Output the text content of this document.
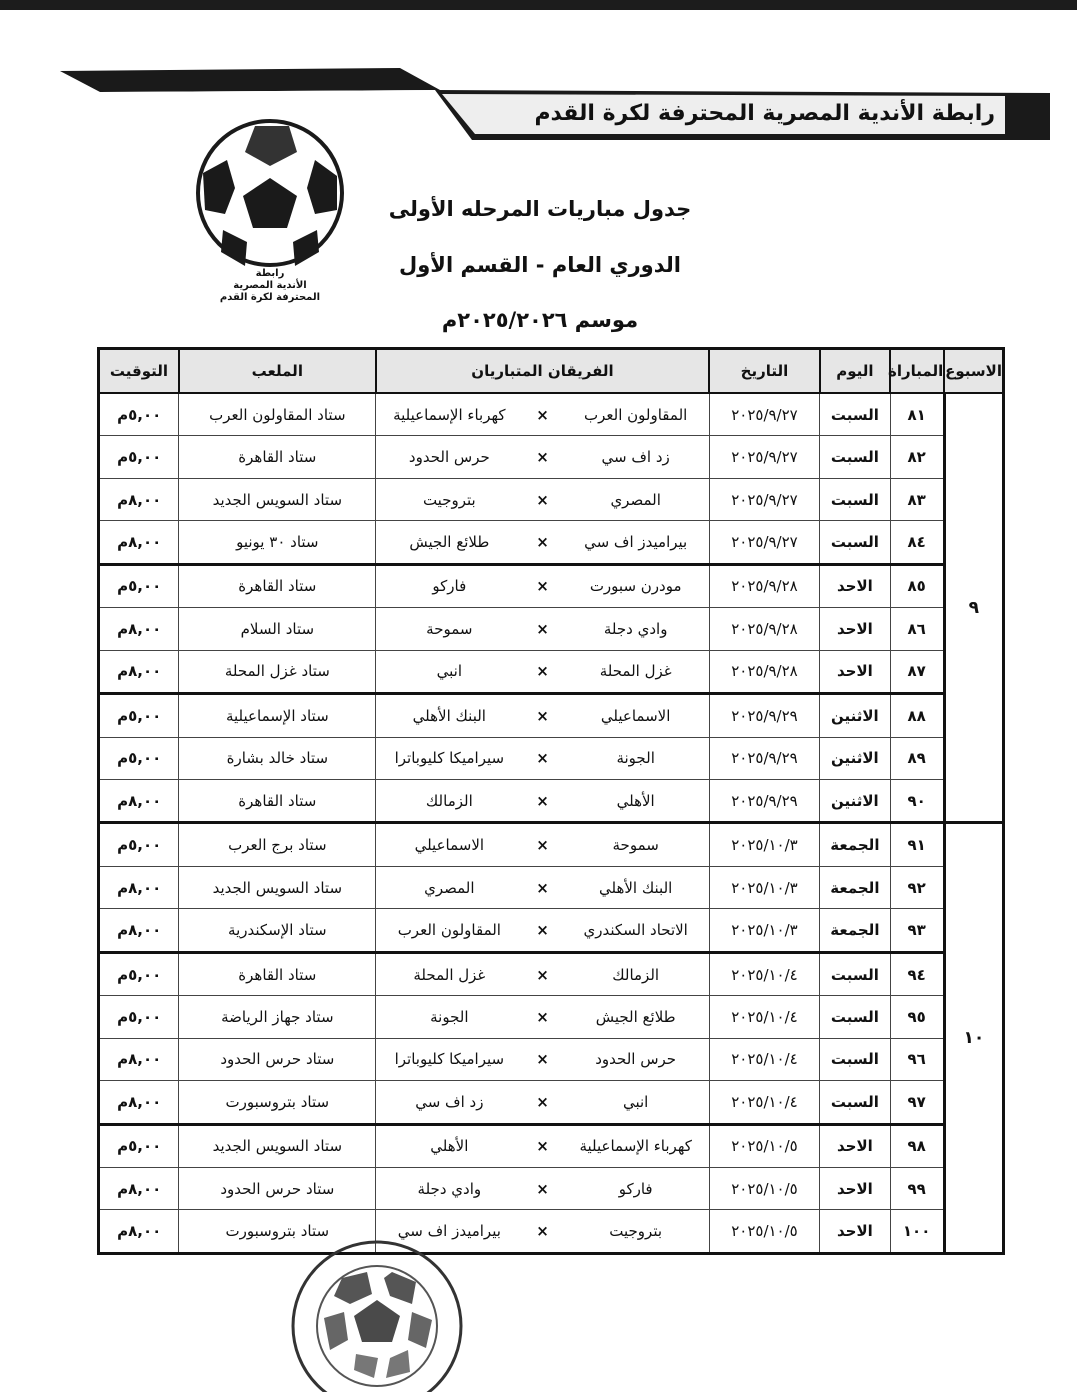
رابطة الأندية المصرية المحترفة لكرة القدم
رابطة
الأندية المصرية
المحترفة لكرة القدم
جدول مباريات المرحله الأولى
الدوري العام - القسم الأول
موسم ٢٠٢٥/٢٠٢٦م
الاسبوع	المباراة	اليوم	التاريخ	الفريقان المتباريان			الملعب	التوقيت
٩	٨١	السبت	٢٠٢٥/٩/٢٧	المقاولون العرب	×	كهرباء الإسماعيلية	ستاد المقاولون العرب	٥,٠٠م
	٨٢	السبت	٢٠٢٥/٩/٢٧	زد اف سي	×	حرس الحدود	ستاد القاهرة	٥,٠٠م
	٨٣	السبت	٢٠٢٥/٩/٢٧	المصري	×	بتروجيت	ستاد السويس الجديد	٨,٠٠م
	٨٤	السبت	٢٠٢٥/٩/٢٧	بيراميدز اف سي	×	طلائع الجيش	ستاد ٣٠ يونيو	٨,٠٠م
	٨٥	الاحد	٢٠٢٥/٩/٢٨	مودرن سبورت	×	فاركو	ستاد القاهرة	٥,٠٠م
	٨٦	الاحد	٢٠٢٥/٩/٢٨	وادي دجلة	×	سموحة	ستاد السلام	٨,٠٠م
	٨٧	الاحد	٢٠٢٥/٩/٢٨	غزل المحلة	×	انبي	ستاد غزل المحلة	٨,٠٠م
	٨٨	الاثنين	٢٠٢٥/٩/٢٩	الاسماعيلي	×	البنك الأهلي	ستاد الإسماعيلية	٥,٠٠م
	٨٩	الاثنين	٢٠٢٥/٩/٢٩	الجونة	×	سيراميكا كليوباترا	ستاد خالد بشارة	٥,٠٠م
	٩٠	الاثنين	٢٠٢٥/٩/٢٩	الأهلي	×	الزمالك	ستاد القاهرة	٨,٠٠م
١٠	٩١	الجمعة	٢٠٢٥/١٠/٣	سموحة	×	الاسماعيلي	ستاد برج العرب	٥,٠٠م
	٩٢	الجمعة	٢٠٢٥/١٠/٣	البنك الأهلي	×	المصري	ستاد السويس الجديد	٨,٠٠م
	٩٣	الجمعة	٢٠٢٥/١٠/٣	الاتحاد السكندري	×	المقاولون العرب	ستاد الإسكندرية	٨,٠٠م
	٩٤	السبت	٢٠٢٥/١٠/٤	الزمالك	×	غزل المحلة	ستاد القاهرة	٥,٠٠م
	٩٥	السبت	٢٠٢٥/١٠/٤	طلائع الجيش	×	الجونة	ستاد جهاز الرياضة	٥,٠٠م
	٩٦	السبت	٢٠٢٥/١٠/٤	حرس الحدود	×	سيراميكا كليوباترا	ستاد حرس الحدود	٨,٠٠م
	٩٧	السبت	٢٠٢٥/١٠/٤	انبي	×	زد اف سي	ستاد بتروسبورت	٨,٠٠م
	٩٨	الاحد	٢٠٢٥/١٠/٥	كهرباء الإسماعيلية	×	الأهلي	ستاد السويس الجديد	٥,٠٠م
	٩٩	الاحد	٢٠٢٥/١٠/٥	فاركو	×	وادي دجلة	ستاد حرس الحدود	٨,٠٠م
	١٠٠	الاحد	٢٠٢٥/١٠/٥	بتروجيت	×	بيراميدز اف سي	ستاد بتروسبورت	٨,٠٠م
